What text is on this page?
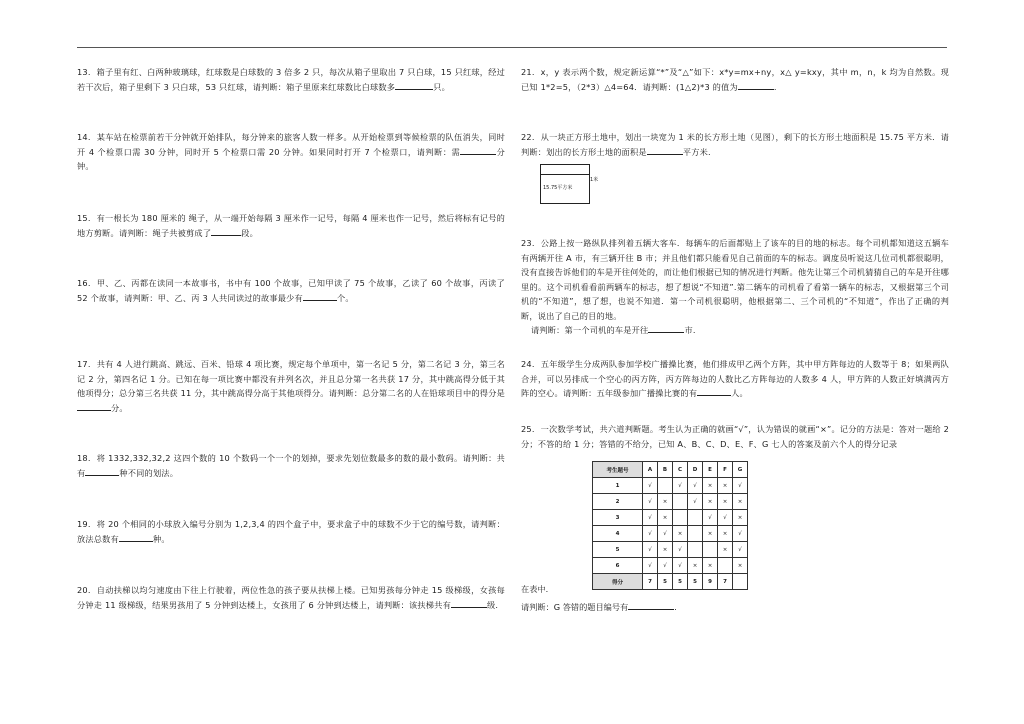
13. 箱子里有红、白两种玻璃球，红球数是白球数的 3 倍多 2 只，每次从箱子里取出 7 只白球，15 只红球，经过若干次后，箱子里剩下 3 只白球，53 只红球，请判断：箱子里原来红球数比白球数多	只。

14. 某车站在检票前若干分钟就开始排队，每分钟来的旅客人数一样多。从开始检票到等候检票的队伍消失，同时开 4 个检票口需 30 分钟，同时开 5 个检票口需 20 分钟。如果同时打开 7 个检票口，请判断：需	分钟。

15. 有一根长为 180 厘米的 绳子，从一端开始每隔 3 厘米作一记号，每隔 4 厘米也作一记号，然后将标有记号的地方剪断。请判断：绳子共被剪成了	段。

16. 甲、乙、丙都在读同一本故事书，书中有 100 个故事，已知甲读了 75 个故事，乙读了 60 个故事，丙读了 52 个故事，请判断：甲、乙、丙 3 人共同读过的故事最少有	个。

17. 共有 4 人进行跳高、跳远、百米、铅球 4 项比赛，规定每个单项中，第一名记 5 分，第二名记 3 分，第三名记 2 分，第四名记 1 分。已知在每一项比赛中都没有并列名次，并且总分第一名共获 17 分，其中跳高得分低于其他项得分；总分第三名共获 11 分，其中跳高得分高于其他项得分。请判断：总分第二名的人在铅球项目中的得分是分。

18. 将 1332,332,32,2 这四个数的 10 个数码一个一个的划掉，要求先划位数最多的数的最小数码。请判断：共有	种不同的划法。

19. 将 20 个相同的小球放入编号分别为 1,2,3,4 的四个盒子中，要求盒子中的球数不少于它的编号数，请判断：放法总数有	种。

20. 自动扶梯以均匀速度由下往上行驶着，两位性急的孩子要从扶梯上楼。已知男孩每分钟走 15 级梯级，女孩每分钟走 11 级梯级，结果男孩用了 5 分钟到达楼上，女孩用了 6 分钟到达楼上，请判断：该扶梯共有	级.

21. x，y 表示两个数，规定新运算“*”及“△”如下：x*y=mx+ny，x△ y=kxy，其中 m，n，k 均为自然数。现已知 1*2=5，（2*3）△4=64．请判断：(1△2)*3 的值为	.

22. 从一块正方形土地中，划出一块宽为 1 米的长方形土地（见图），剩下的长方形土地面积是 15.75 平方米．请判断：划出的长方形土地的面积是	平方米.

15.75平方米
1米

23. 公路上按一路纵队排列着五辆大客车．每辆车的后面都贴上了该车的目的地的标志。每个司机都知道这五辆车有两辆开往 A 市，有三辆开往 B 市；并且他们都只能看见自己前面的车的标志。调度员听说这几位司机都很聪明，没有直接告诉他们的车是开往何处的，而让他们根据已知的情况进行判断。他先让第三个司机猜猜自己的车是开往哪里的。这个司机看看前两辆车的标志，想了想说“不知道”.第二辆车的司机看了看第一辆车的标志，又根据第三个司机的“不知道”，想了想，也说不知道．第一个司机很聪明，他根据第二、三个司机的“不知道”，作出了正确的判断，说出了自己的目的地。
请判断：第一个司机的车是开往	市.

24. 五年级学生分成两队参加学校广播操比赛，他们排成甲乙两个方阵，其中甲方阵每边的人数等于 8；如果两队合并，可以另排成一个空心的丙方阵，丙方阵每边的人数比乙方阵每边的人数多 4 人，甲方阵的人数正好填满丙方阵的空心。请判断：五年级参加广播操比赛的有	人。

25. 一次数学考试，共六道判断题。考生认为正确的就画“√”，认为错误的就画“×”。记分的方法是：答对一题给 2 分；不答的给 1 分；答错的不给分，已知 A、B、C、D、E、F、G 七人的答案及前六个人的得分记录

考生题号	A	B	C	D	E	F	G
1	√		√	√	×	×	√
2	√	×		√	×	×	×
3	√	×			√	√	×
4	√	√	×		×	×	√
5	√	×	√			×	√
6	√	√	√	×	×		×
得分	7	5	5	5	9	7	

在表中.

请判断：G 答错的题目编号有	.
